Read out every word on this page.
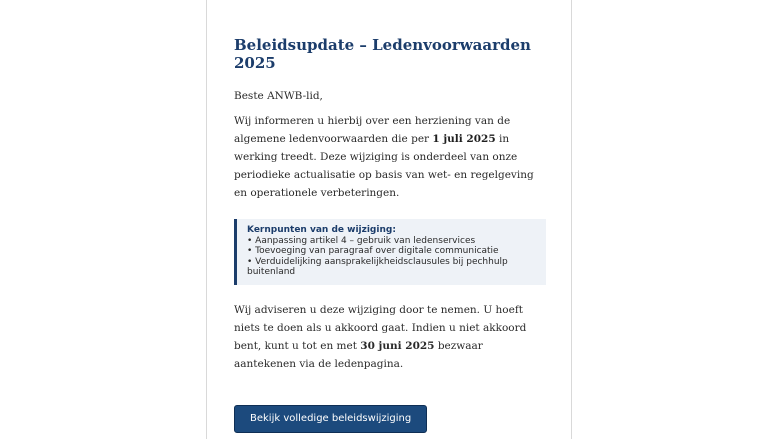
Beleidsupdate – Ledenvoorwaarden 2025

Beste ANWB-lid,

Wij informeren u hierbij over een herziening van de algemene ledenvoorwaarden die per 1 juli 2025 in werking treedt. Deze wijziging is onderdeel van onze periodieke actualisatie op basis van wet- en regelgeving en operationele verbeteringen.

Kernpunten van de wijziging:
• Aanpassing artikel 4 – gebruik van ledenservices
• Toevoeging van paragraaf over digitale communicatie
• Verduidelijking aansprakelijkheidsclausules bij pechhulp buitenland

Wij adviseren u deze wijziging door te nemen. U hoeft niets te doen als u akkoord gaat. Indien u niet akkoord bent, kunt u tot en met 30 juni 2025 bezwaar aantekenen via de ledenpagina.

Bekijk volledige beleidswijziging
